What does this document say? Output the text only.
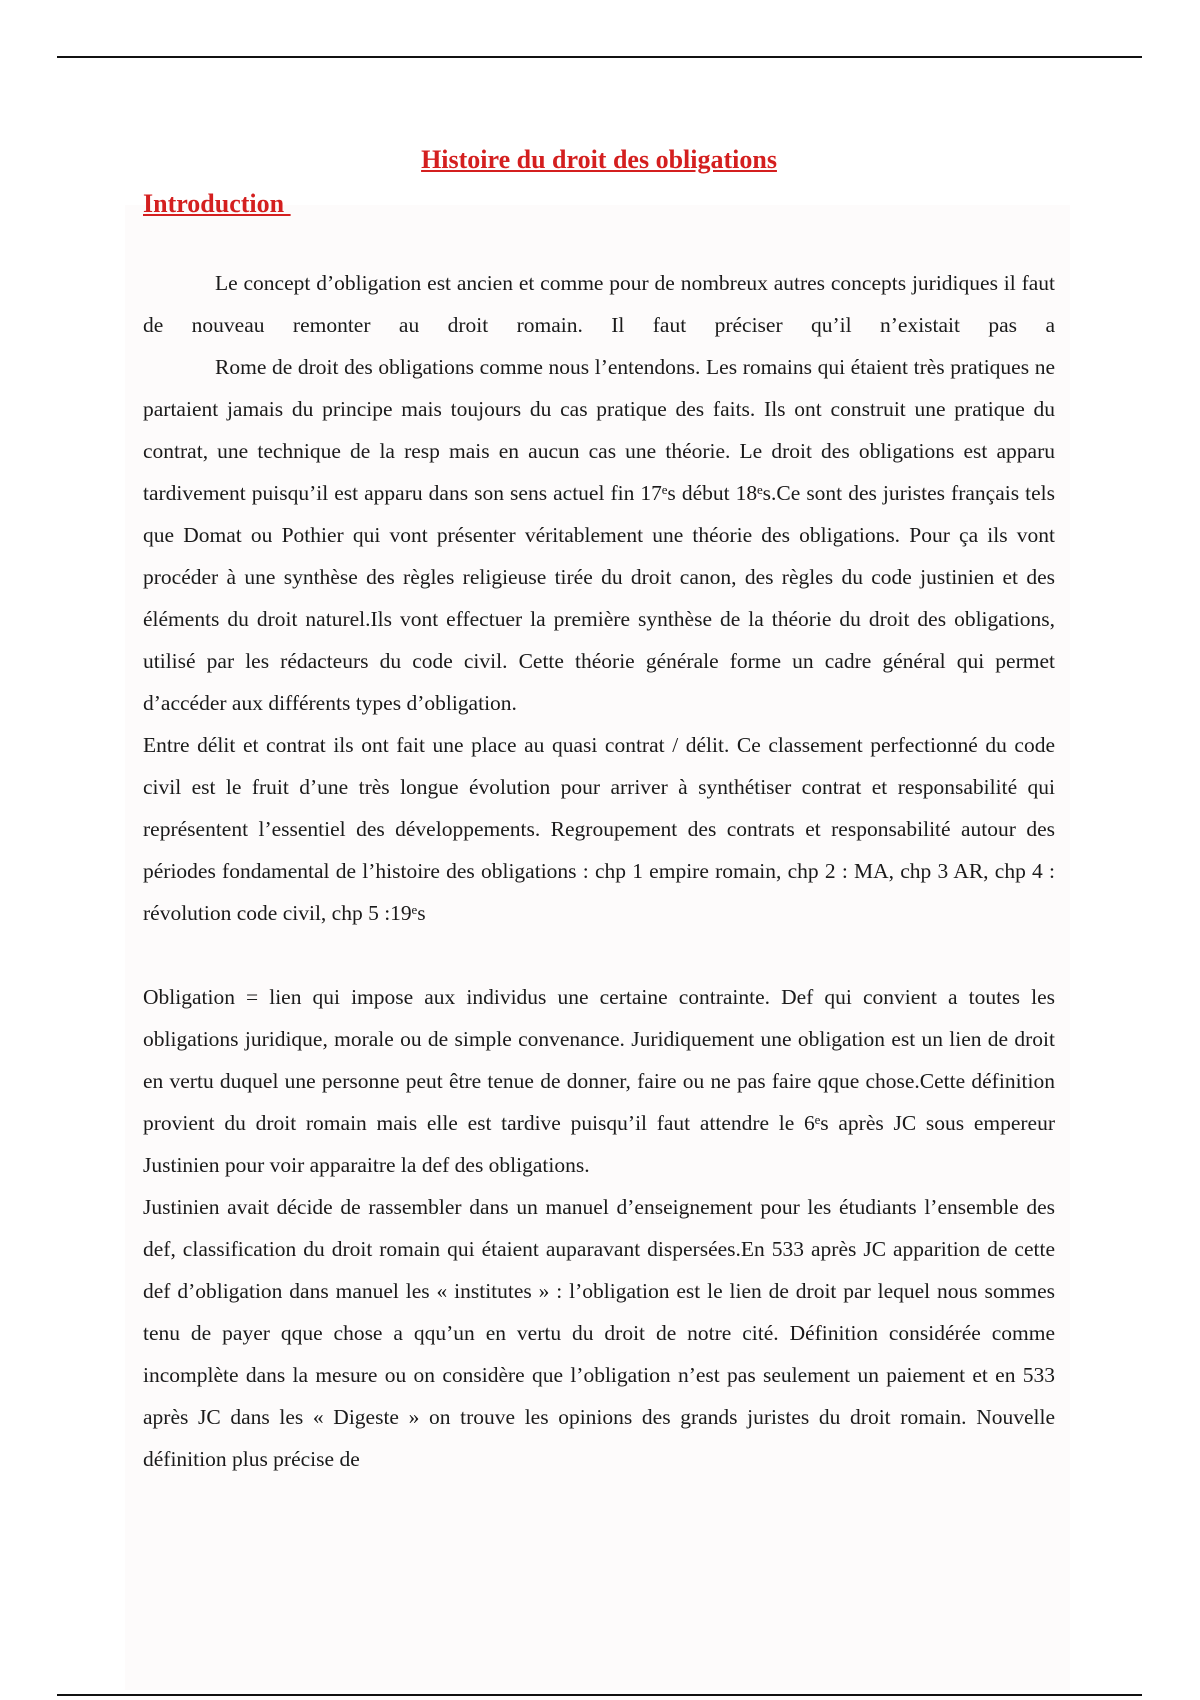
Histoire du droit des obligations
Introduction

Le concept d’obligation est ancien et comme pour de nombreux autres concepts juridiques il faut de nouveau remonter au droit romain. Il faut préciser qu’il n’existait pas a

Rome de droit des obligations comme nous l’entendons. Les romains qui étaient très pratiques ne partaient jamais du principe mais toujours du cas pratique des faits. Ils ont construit une pratique du contrat, une technique de la resp mais en aucun cas une théorie. Le droit des obligations est apparu tardivement puisqu’il est apparu dans son sens actuel fin 17ᵉs début 18ᵉs.Ce sont des juristes français tels que Domat ou Pothier qui vont présenter véritablement une théorie des obligations. Pour ça ils vont procéder à une synthèse des règles religieuse tirée du droit canon, des règles du code justinien et des éléments du droit naturel.Ils vont effectuer la première synthèse de la théorie du droit des obligations, utilisé par les rédacteurs du code civil. Cette théorie générale forme un cadre général qui permet d’accéder aux différents types d’obligation.

Entre délit et contrat ils ont fait une place au quasi contrat / délit. Ce classement perfectionné du code civil est le fruit d’une très longue évolution pour arriver à synthétiser contrat et responsabilité qui représentent l’essentiel des développements. Regroupement des contrats et responsabilité autour des périodes fondamental de l’histoire des obligations : chp 1 empire romain, chp 2 : MA, chp 3 AR, chp 4 : révolution code civil, chp 5 :19ᵉs

Obligation = lien qui impose aux individus une certaine contrainte. Def qui convient a toutes les obligations juridique, morale ou de simple convenance. Juridiquement une obligation est un lien de droit en vertu duquel une personne peut être tenue de donner, faire ou ne pas faire qque chose.Cette définition provient du droit romain mais elle est tardive puisqu’il faut attendre le 6ᵉs après JC sous empereur Justinien pour voir apparaitre la def des obligations.

Justinien avait décide de rassembler dans un manuel d’enseignement pour les étudiants l’ensemble des def, classification du droit romain qui étaient auparavant dispersées.En 533 après JC apparition de cette def d’obligation dans manuel les « institutes » : l’obligation est le lien de droit par lequel nous sommes tenu de payer qque chose a qqu’un en vertu du droit de notre cité. Définition considérée comme incomplète dans la mesure ou on considère que l’obligation n’est pas seulement un paiement et en 533 après JC dans les « Digeste » on trouve les opinions des grands juristes du droit romain. Nouvelle définition plus précise de
